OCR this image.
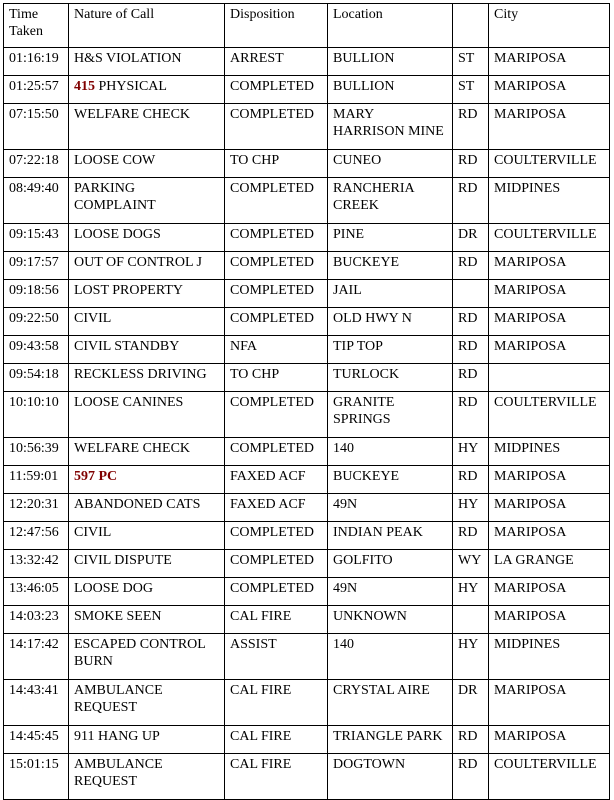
Time Taken	Nature of Call	Disposition	Location		City
01:16:19	H&S VIOLATION	ARREST	BULLION	ST	MARIPOSA
01:25:57	415 PHYSICAL	COMPLETED	BULLION	ST	MARIPOSA
07:15:50	WELFARE CHECK	COMPLETED	MARY HARRISON MINE	RD	MARIPOSA
07:22:18	LOOSE COW	TO CHP	CUNEO	RD	COULTERVILLE
08:49:40	PARKING COMPLAINT	COMPLETED	RANCHERIA CREEK	RD	MIDPINES
09:15:43	LOOSE DOGS	COMPLETED	PINE	DR	COULTERVILLE
09:17:57	OUT OF CONTROL J	COMPLETED	BUCKEYE	RD	MARIPOSA
09:18:56	LOST PROPERTY	COMPLETED	JAIL		MARIPOSA
09:22:50	CIVIL	COMPLETED	OLD HWY N	RD	MARIPOSA
09:43:58	CIVIL STANDBY	NFA	TIP TOP	RD	MARIPOSA
09:54:18	RECKLESS DRIVING	TO CHP	TURLOCK	RD	
10:10:10	LOOSE CANINES	COMPLETED	GRANITE SPRINGS	RD	COULTERVILLE
10:56:39	WELFARE CHECK	COMPLETED	140	HY	MIDPINES
11:59:01	597 PC	FAXED ACF	BUCKEYE	RD	MARIPOSA
12:20:31	ABANDONED CATS	FAXED ACF	49N	HY	MARIPOSA
12:47:56	CIVIL	COMPLETED	INDIAN PEAK	RD	MARIPOSA
13:32:42	CIVIL DISPUTE	COMPLETED	GOLFITO	WY	LA GRANGE
13:46:05	LOOSE DOG	COMPLETED	49N	HY	MARIPOSA
14:03:23	SMOKE SEEN	CAL FIRE	UNKNOWN		MARIPOSA
14:17:42	ESCAPED CONTROL BURN	ASSIST	140	HY	MIDPINES
14:43:41	AMBULANCE REQUEST	CAL FIRE	CRYSTAL AIRE	DR	MARIPOSA
14:45:45	911 HANG UP	CAL FIRE	TRIANGLE PARK	RD	MARIPOSA
15:01:15	AMBULANCE REQUEST	CAL FIRE	DOGTOWN	RD	COULTERVILLE
